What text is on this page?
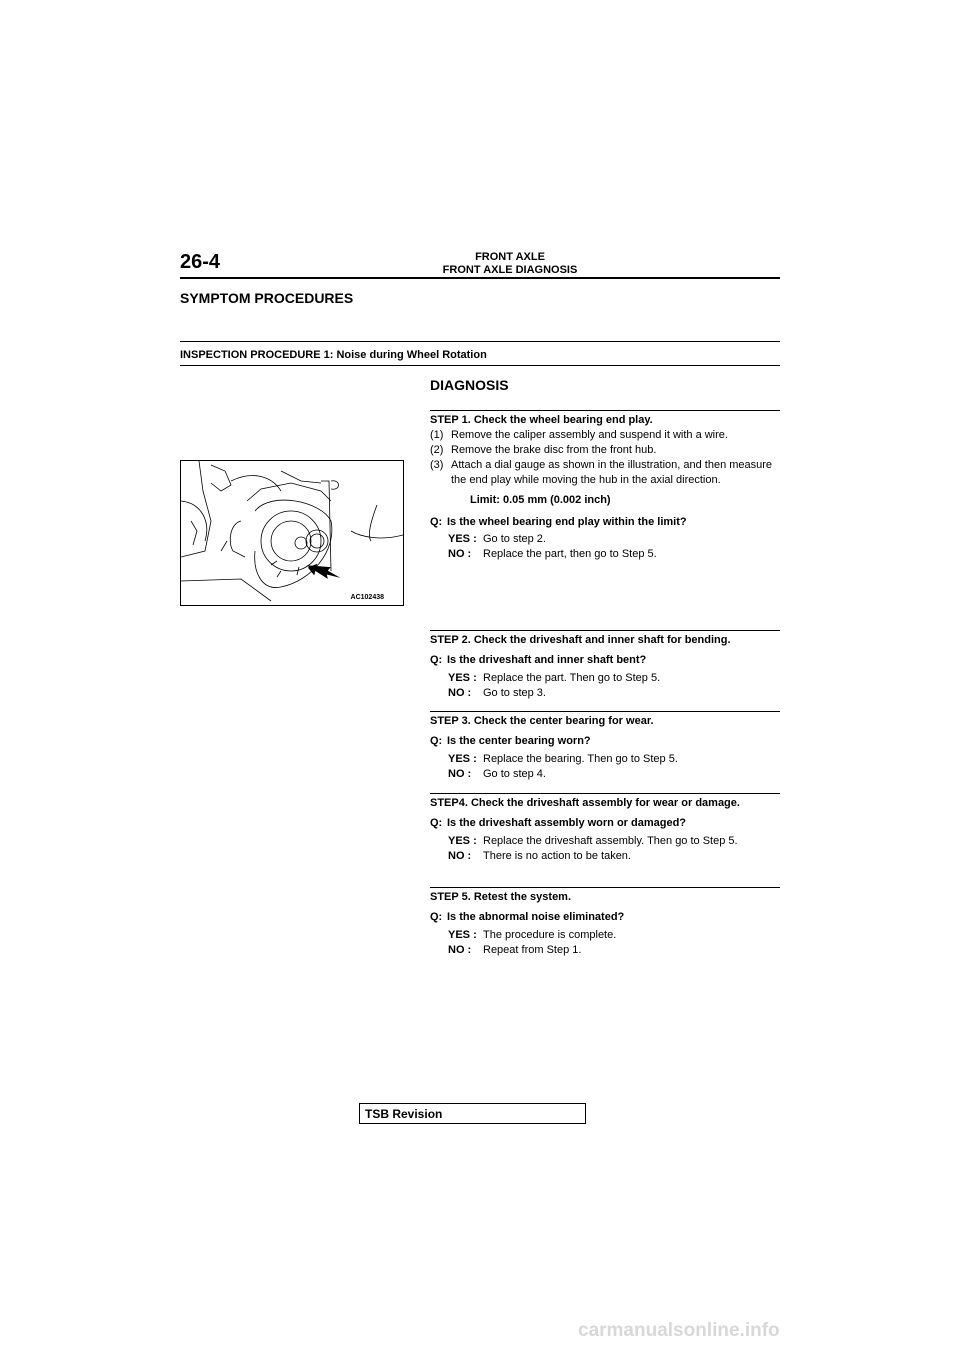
26-4	FRONT AXLE
FRONT AXLE DIAGNOSIS
SYMPTOM PROCEDURES
INSPECTION PROCEDURE 1: Noise during Wheel Rotation
DIAGNOSIS
AC102438
STEP 1. Check the wheel bearing end play.
(1) Remove the caliper assembly and suspend it with a wire.
(2) Remove the brake disc from the front hub.
(3) Attach a dial gauge as shown in the illustration, and then measure the end play while moving the hub in the axial direction.
Limit: 0.05 mm (0.002 inch)
Q: Is the wheel bearing end play within the limit?
YES : Go to step 2.
NO :	Replace the part, then go to Step 5.
STEP 2. Check the driveshaft and inner shaft for bending.
Q: Is the driveshaft and inner shaft bent?
YES : Replace the part. Then go to Step 5.
NO :	Go to step 3.
STEP 3. Check the center bearing for wear.
Q: Is the center bearing worn?
YES : Replace the bearing. Then go to Step 5.
NO :	Go to step 4.
STEP4. Check the driveshaft assembly for wear or damage.
Q: Is the driveshaft assembly worn or damaged?
YES : Replace the driveshaft assembly. Then go to Step 5.
NO :	There is no action to be taken.
STEP 5. Retest the system.
Q: Is the abnormal noise eliminated?
YES : The procedure is complete.
NO :	Repeat from Step 1.
TSB Revision
carmanualsonline.info
